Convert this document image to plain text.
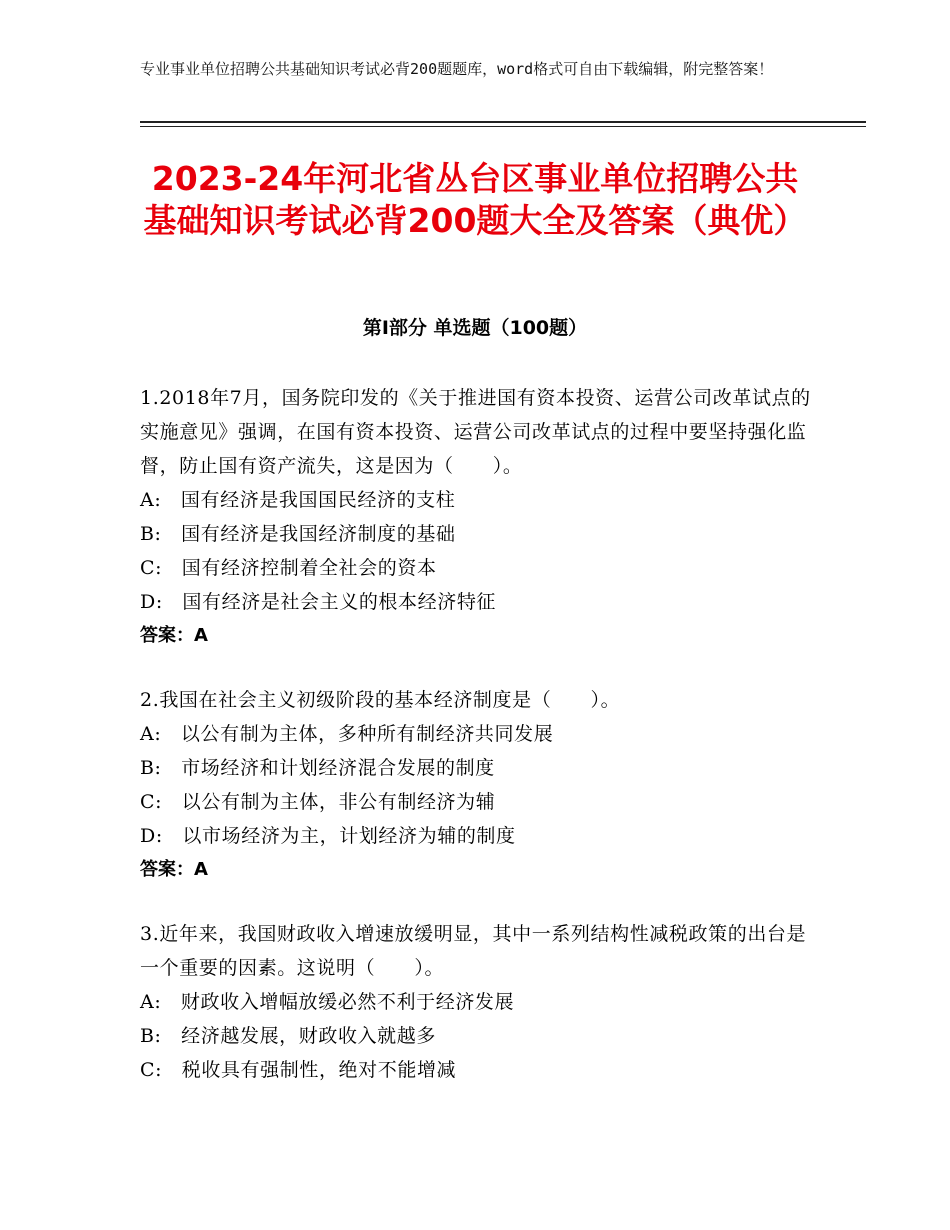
专业事业单位招聘公共基础知识考试必背200题题库，word格式可自由下载编辑，附完整答案！
2023-24年河北省丛台区事业单位招聘公共基础知识考试必背200题大全及答案（典优）
第Ⅰ部分 单选题（100题）
1.2018年7月，国务院印发的《关于推进国有资本投资、运营公司改革试点的实施意见》强调，在国有资本投资、运营公司改革试点的过程中要坚持强化监督，防止国有资产流失，这是因为（　　）。
A:　国有经济是我国国民经济的支柱
B:　国有经济是我国经济制度的基础
C:　国有经济控制着全社会的资本
D:　国有经济是社会主义的根本经济特征
答案：A
2.我国在社会主义初级阶段的基本经济制度是（　　）。
A:　以公有制为主体，多种所有制经济共同发展
B:　市场经济和计划经济混合发展的制度
C:　以公有制为主体，非公有制经济为辅
D:　以市场经济为主，计划经济为辅的制度
答案：A
3.近年来，我国财政收入增速放缓明显，其中一系列结构性减税政策的出台是一个重要的因素。这说明（　　）。
A:　财政收入增幅放缓必然不利于经济发展
B:　经济越发展，财政收入就越多
C:　税收具有强制性，绝对不能增减
